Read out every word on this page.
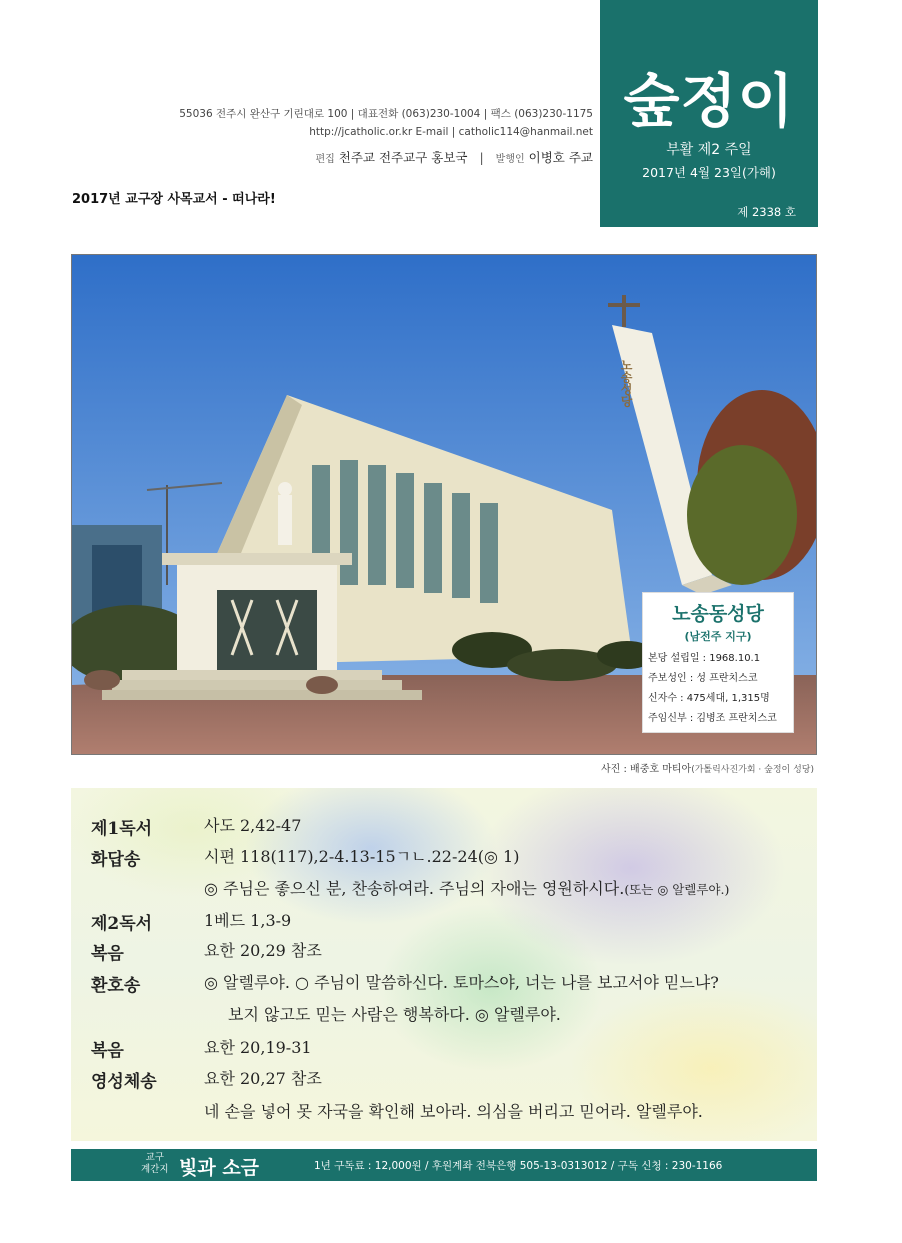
55036 전주시 완산구 기린대로 100 | 대표전화 (063)230-1004 | 팩스 (063)230-1175
http://jcatholic.or.kr E-mail | catholic114@hanmail.net
편집 천주교 전주교구 홍보국 | 발행인 이병호 주교
2017년 교구장 사목교서 - 떠나라!
숲정이
부활 제2 주일
2017년 4월 23일(가해)
제 2338 호
노송성당
노송동성당
(남전주 지구)
본당 설립일 : 1968.10.1
주보성인 : 성 프란치스코
신자수 : 475세대, 1,315명
주임신부 : 김병조 프란치스코
사진 : 배중호 마티아(가톨릭사진가회 · 숲정이 성당)
제1독서	사도 2,42-47
화답송	시편 118(117),2-4.13-15ㄱㄴ.22-24(◎ 1)
◎ 주님은 좋으신 분, 찬송하여라. 주님의 자애는 영원하시다.(또는 ◎ 알렐루야.)
제2독서	1베드 1,3-9
복음	요한 20,29 참조
환호송	◎ 알렐루야. ○ 주님이 말씀하신다. 토마스야, 너는 나를 보고서야 믿느냐?
보지 않고도 믿는 사람은 행복하다. ◎ 알렐루야.
복음	요한 20,19-31
영성체송	요한 20,27 참조
네 손을 넣어 못 자국을 확인해 보아라. 의심을 버리고 믿어라. 알렐루야.
교구
계간지 빛과 소금	1년 구독료 : 12,000원 / 후원계좌 전북은행 505-13-0313012 / 구독 신청 : 230-1166
